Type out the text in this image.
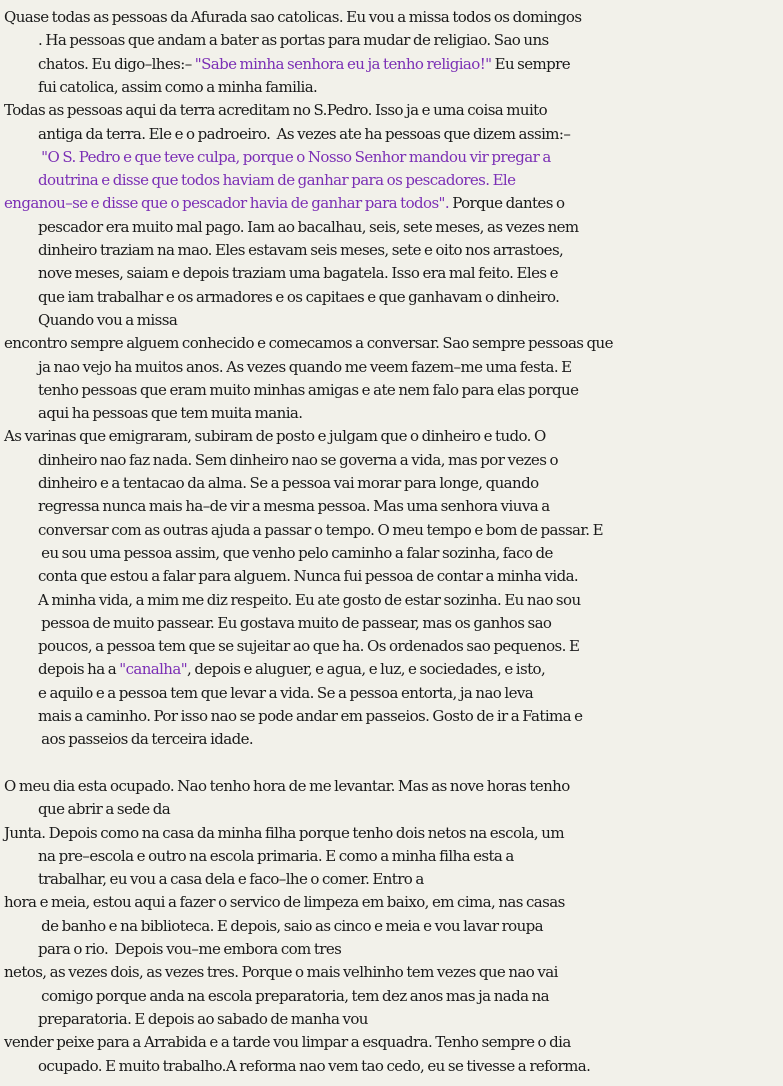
Quase todas as pessoas da Afurada sao catolicas. Eu vou a missa todos os domingos
. Ha pessoas que andam a bater as portas para mudar de religiao. Sao uns
chatos. Eu digo–lhes:– "Sabe minha senhora eu ja tenho religiao!" Eu sempre
fui catolica, assim como a minha familia.
Todas as pessoas aqui da terra acreditam no S.Pedro. Isso ja e uma coisa muito
antiga da terra. Ele e o padroeiro.  As vezes ate ha pessoas que dizem assim:–
"O S. Pedro e que teve culpa, porque o Nosso Senhor mandou vir pregar a
doutrina e disse que todos haviam de ganhar para os pescadores. Ele
enganou–se e disse que o pescador havia de ganhar para todos". Porque dantes o
pescador era muito mal pago. Iam ao bacalhau, seis, sete meses, as vezes nem
dinheiro traziam na mao. Eles estavam seis meses, sete e oito nos arrastoes,
nove meses, saiam e depois traziam uma bagatela. Isso era mal feito. Eles e
que iam trabalhar e os armadores e os capitaes e que ganhavam o dinheiro.
Quando vou a missa
encontro sempre alguem conhecido e comecamos a conversar. Sao sempre pessoas que
ja nao vejo ha muitos anos. As vezes quando me veem fazem–me uma festa. E
tenho pessoas que eram muito minhas amigas e ate nem falo para elas porque
aqui ha pessoas que tem muita mania.
As varinas que emigraram, subiram de posto e julgam que o dinheiro e tudo. O
dinheiro nao faz nada. Sem dinheiro nao se governa a vida, mas por vezes o
dinheiro e a tentacao da alma. Se a pessoa vai morar para longe, quando
regressa nunca mais ha–de vir a mesma pessoa. Mas uma senhora viuva a
conversar com as outras ajuda a passar o tempo. O meu tempo e bom de passar. E
eu sou uma pessoa assim, que venho pelo caminho a falar sozinha, faco de
conta que estou a falar para alguem. Nunca fui pessoa de contar a minha vida.
A minha vida, a mim me diz respeito. Eu ate gosto de estar sozinha. Eu nao sou
pessoa de muito passear. Eu gostava muito de passear, mas os ganhos sao
poucos, a pessoa tem que se sujeitar ao que ha. Os ordenados sao pequenos. E
depois ha a "canalha", depois e aluguer, e agua, e luz, e sociedades, e isto,
e aquilo e a pessoa tem que levar a vida. Se a pessoa entorta, ja nao leva
mais a caminho. Por isso nao se pode andar em passeios. Gosto de ir a Fatima e
aos passeios da terceira idade.
O meu dia esta ocupado. Nao tenho hora de me levantar. Mas as nove horas tenho
que abrir a sede da
Junta. Depois como na casa da minha filha porque tenho dois netos na escola, um
na pre–escola e outro na escola primaria. E como a minha filha esta a
trabalhar, eu vou a casa dela e faco–lhe o comer. Entro a
hora e meia, estou aqui a fazer o servico de limpeza em baixo, em cima, nas casas
de banho e na biblioteca. E depois, saio as cinco e meia e vou lavar roupa
para o rio.  Depois vou–me embora com tres
netos, as vezes dois, as vezes tres. Porque o mais velhinho tem vezes que nao vai
comigo porque anda na escola preparatoria, tem dez anos mas ja nada na
preparatoria. E depois ao sabado de manha vou
vender peixe para a Arrabida e a tarde vou limpar a esquadra. Tenho sempre o dia
ocupado. E muito trabalho.A reforma nao vem tao cedo, eu se tivesse a reforma.
